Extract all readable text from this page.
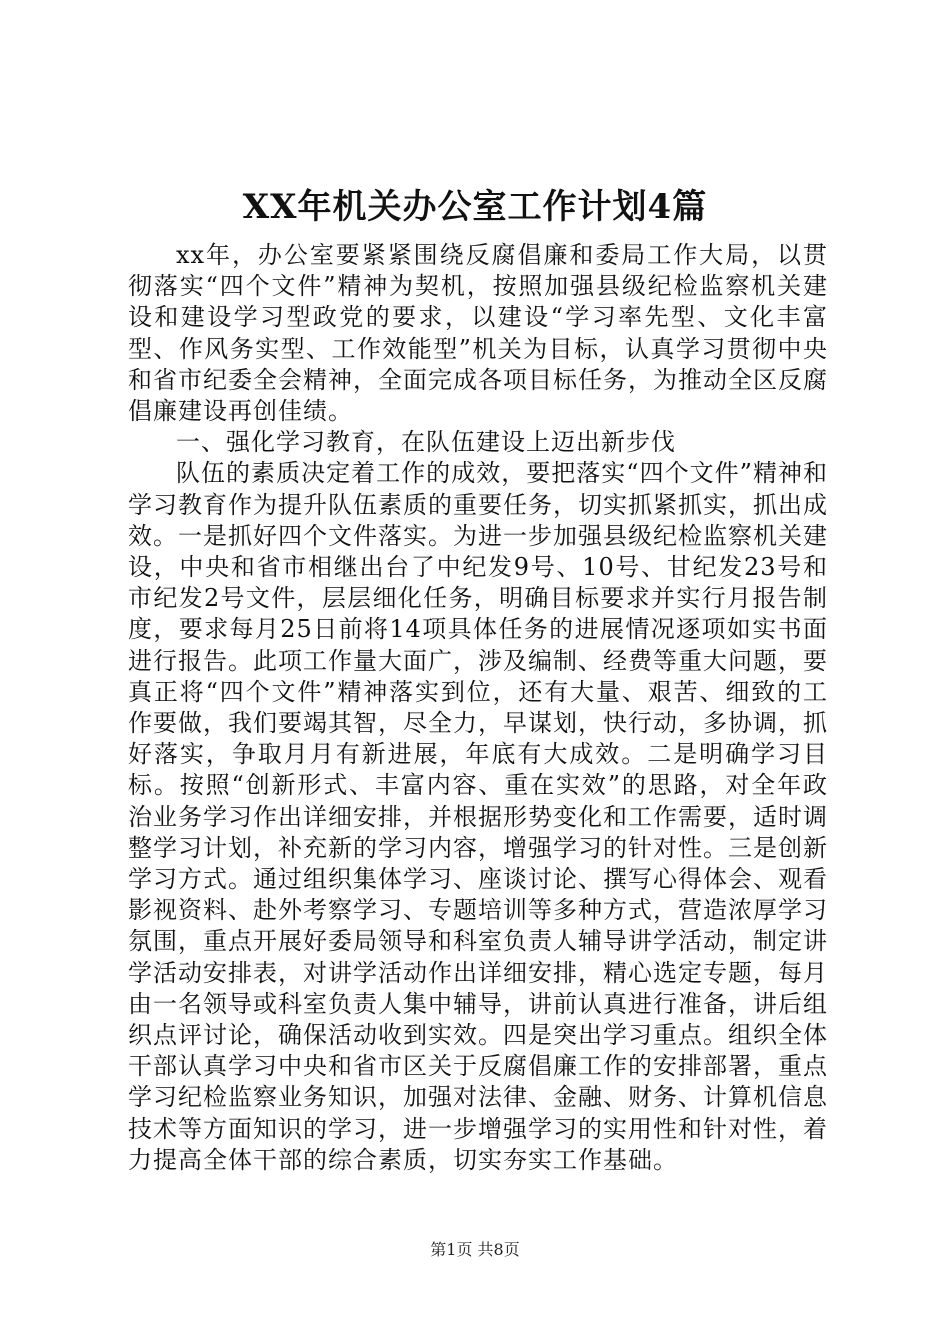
XX年机关办公室工作计划4篇

xx年，办公室要紧紧围绕反腐倡廉和委局工作大局，以贯彻落实“四个文件”精神为契机，按照加强县级纪检监察机关建设和建设学习型政党的要求，以建设“学习率先型、文化丰富型、作风务实型、工作效能型”机关为目标，认真学习贯彻中央和省市纪委全会精神，全面完成各项目标任务，为推动全区反腐倡廉建设再创佳绩。

一、强化学习教育，在队伍建设上迈出新步伐

队伍的素质决定着工作的成效，要把落实“四个文件”精神和学习教育作为提升队伍素质的重要任务，切实抓紧抓实，抓出成效。一是抓好四个文件落实。为进一步加强县级纪检监察机关建设，中央和省市相继出台了中纪发9号、10号、甘纪发23号和市纪发2号文件，层层细化任务，明确目标要求并实行月报告制度，要求每月25日前将14项具体任务的进展情况逐项如实书面进行报告。此项工作量大面广，涉及编制、经费等重大问题，要真正将“四个文件”精神落实到位，还有大量、艰苦、细致的工作要做，我们要竭其智，尽全力，早谋划，快行动，多协调，抓好落实，争取月月有新进展，年底有大成效。二是明确学习目标。按照“创新形式、丰富内容、重在实效”的思路，对全年政治业务学习作出详细安排，并根据形势变化和工作需要，适时调整学习计划，补充新的学习内容，增强学习的针对性。三是创新学习方式。通过组织集体学习、座谈讨论、撰写心得体会、观看影视资料、赴外考察学习、专题培训等多种方式，营造浓厚学习氛围，重点开展好委局领导和科室负责人辅导讲学活动，制定讲学活动安排表，对讲学活动作出详细安排，精心选定专题，每月由一名领导或科室负责人集中辅导，讲前认真进行准备，讲后组织点评讨论，确保活动收到实效。四是突出学习重点。组织全体干部认真学习中央和省市区关于反腐倡廉工作的安排部署，重点学习纪检监察业务知识，加强对法律、金融、财务、计算机信息技术等方面知识的学习，进一步增强学习的实用性和针对性，着力提高全体干部的综合素质，切实夯实工作基础。

第1页 共8页
